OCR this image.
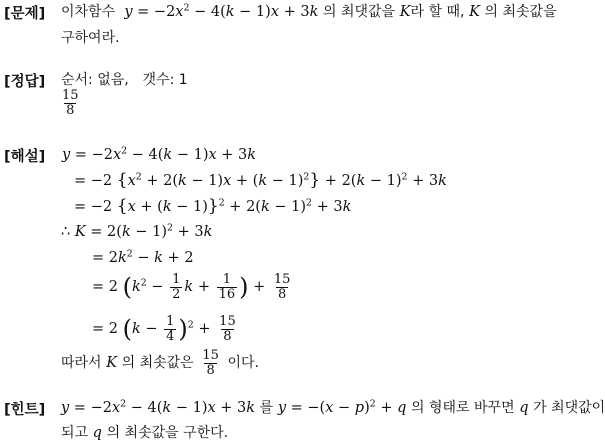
[문제] 이차함수  $y = -2x^2 - 4(k - 1)x + 3k$ 의 최댓값을 K라 할 때, K 의 최솟값을
구하여라.
[정답] 순서: 없음, 갯수: 1
$\frac{15}{8}$
[해설] $y = -2x^2 - 4(k - 1)x + 3k$
= −2 $\{x^2 + 2(k - 1)x + (k - 1)^2\} + 2(k - 1)^2 + 3k$
= −2 $\{x + (k - 1)\}^2 + 2(k - 1)^2 + 3k$
∴ $K = 2(k - 1)^2 + 3k$
= $2k^2 - k + 2$
= 2 ($k^2 - \frac{1}{2}$ $k + \frac{1}{16}$ ) + $\frac{15}{8}$
= 2 $(k - \frac{1}{4} )^2 + \frac{15}{8}$
따라서 K 의 최솟값은 $\frac{15}{8}$ 이다.
[힌트] $y = -2x^2 - 4(k - 1)x + 3k$ 를 $y = -(x - p)^2 + q$ 의 형태로 바꾸면 q 가 최댓값이
되고 q 의 최솟값을 구한다.
